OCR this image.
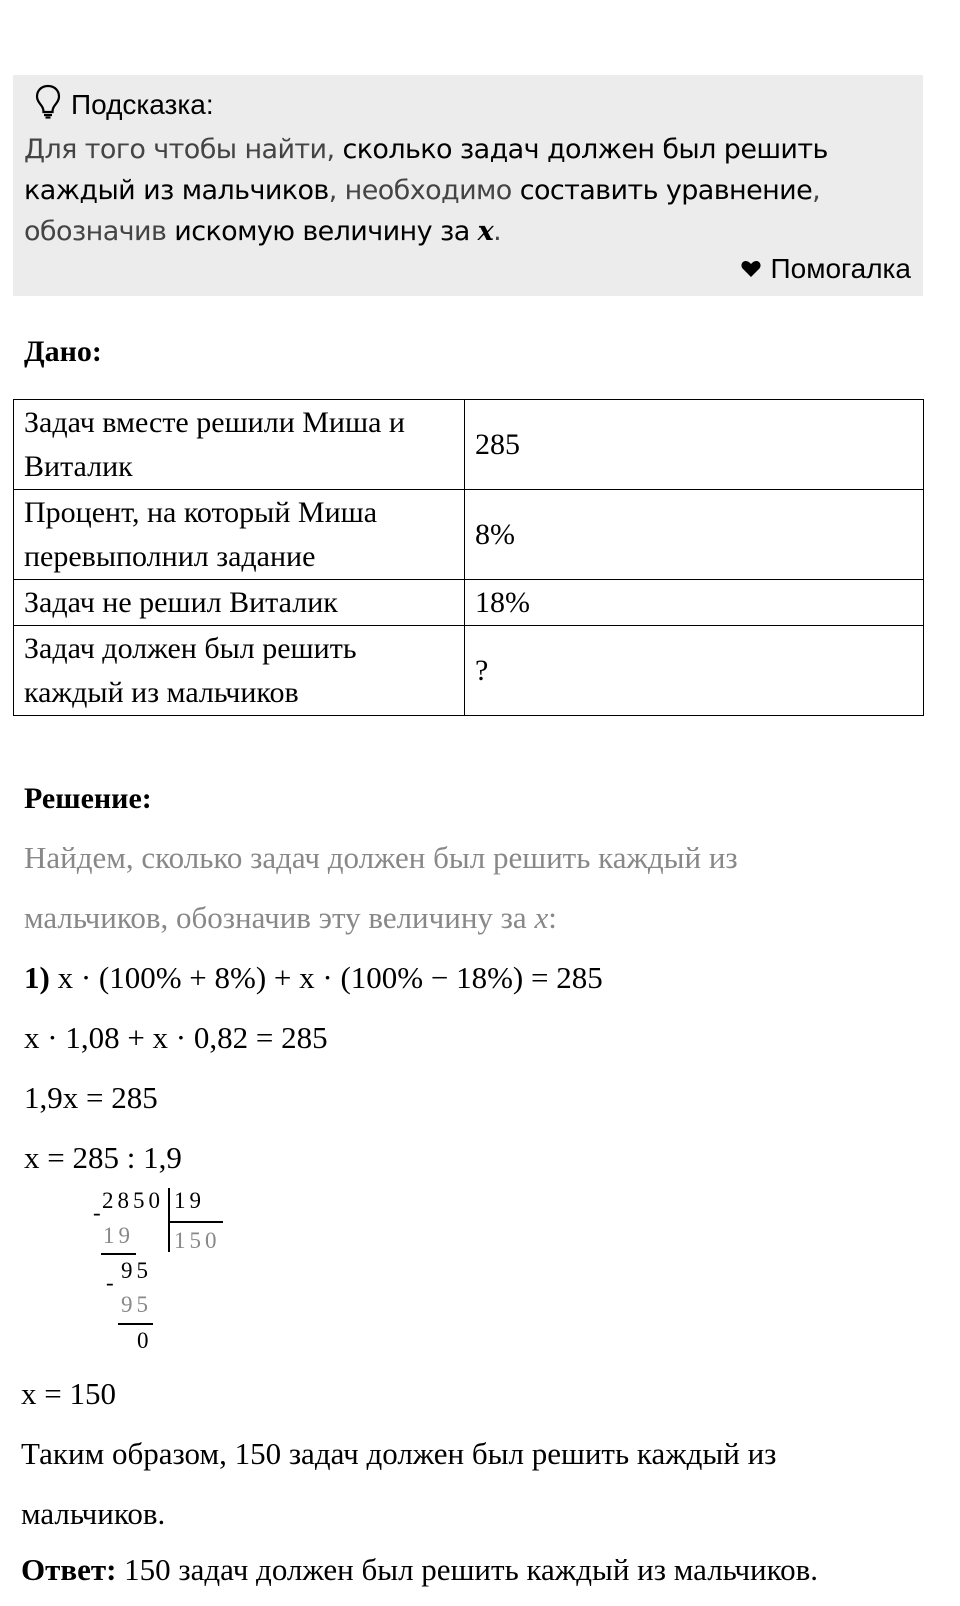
Подсказка:
Для того чтобы найти, сколько задач должен был решить каждый из мальчиков, необходимо составить уравнение, обозначив искомую величину за x.
Помогалка
Дано:
Задач вместе решили Миша и Виталик	285
Процент, на который Миша перевыполнил задание	8%
Задач не решил Виталик	18%
Задач должен был решить каждый из мальчиков	?
Решение:
Найдем, сколько задач должен был решить каждый из
мальчиков, обозначив эту величину за x:
1) x · (100% + 8%) + x · (100% − 18%) = 285
x · 1,08 + x · 0,82 = 285
1,9x = 285
x = 285 : 1,9
2850
-	19
150
19
95
-
95
0
x = 150
Таким образом, 150 задач должен был решить каждый из
мальчиков.
Ответ: 150 задач должен был решить каждый из мальчиков.
